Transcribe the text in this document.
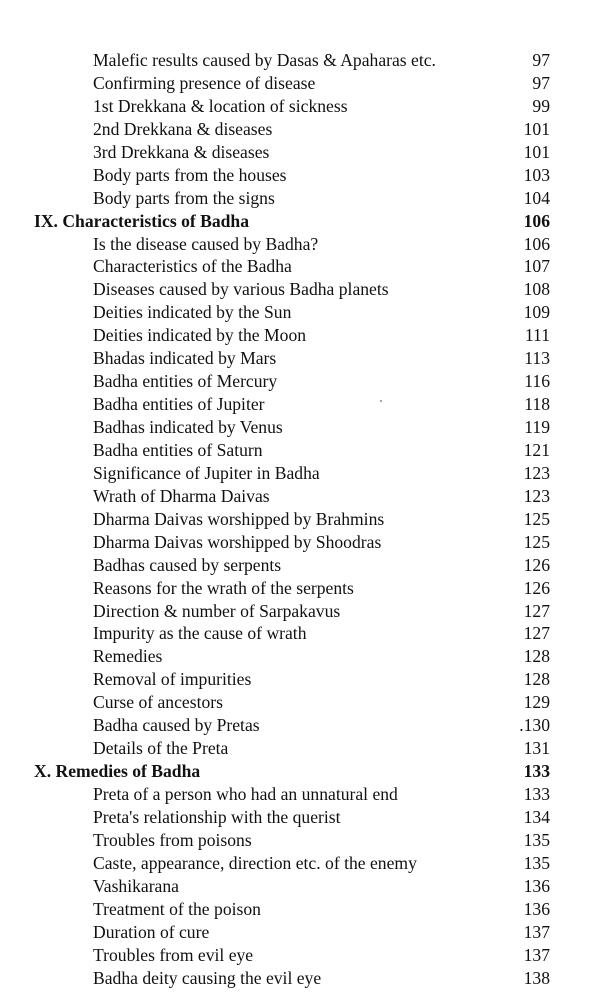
Malefic results caused by Dasas & Apaharas etc.	97
Confirming presence of disease	97
1st Drekkana & location of sickness	99
2nd Drekkana & diseases	101
3rd Drekkana & diseases	101
Body parts from the houses	103
Body parts from the signs	104
IX. Characteristics of Badha	106
Is the disease caused by Badha?	106
Characteristics of the Badha	107
Diseases caused by various Badha planets	108
Deities indicated by the Sun	109
Deities indicated by the Moon	111
Bhadas indicated by Mars	113
Badha entities of Mercury	116
Badha entities of Jupiter	118
Badhas indicated by Venus	119
Badha entities of Saturn	121
Significance of Jupiter in Badha	123
Wrath of Dharma Daivas	123
Dharma Daivas worshipped by Brahmins	125
Dharma Daivas worshipped by Shoodras	125
Badhas caused by serpents	126
Reasons for the wrath of the serpents	126
Direction & number of Sarpakavus	127
Impurity as the cause of wrath	127
Remedies	128
Removal of impurities	128
Curse of ancestors	129
Badha caused by Pretas	.130
Details of the Preta	131
X. Remedies of Badha	133
Preta of a person who had an unnatural end	133
Preta's relationship with the querist	134
Troubles from poisons	135
Caste, appearance, direction etc. of the enemy	135
Vashikarana	136
Treatment of the poison	136
Duration of cure	137
Troubles from evil eye	137
Badha deity causing the evil eye	138
